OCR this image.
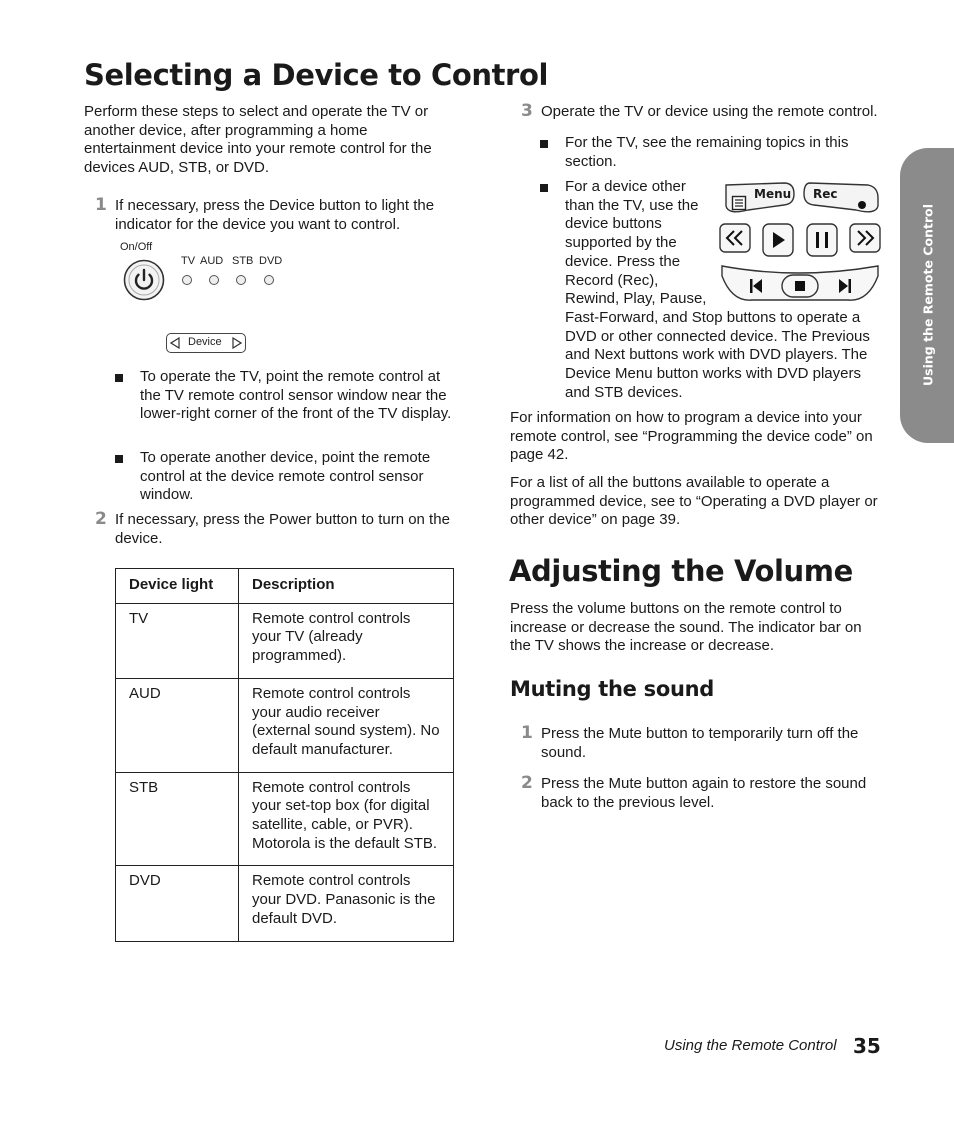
Selecting a Device to Control

Perform these steps to select and operate the TV or another device, after programming a home entertainment device into your remote control for the devices AUD, STB, or DVD.

1 If necessary, press the Device button to light the indicator for the device you want to control.

On/Off
TV AUD STB DVD
Device

To operate the TV, point the remote control at the TV remote control sensor window near the lower-right corner of the front of the TV display.

To operate another device, point the remote control at the device remote control sensor window.

2 If necessary, press the Power button to turn on the device.

Device light	Description
TV	Remote control controls your TV (already programmed).
AUD	Remote control controls your audio receiver (external sound system). No default manufacturer.
STB	Remote control controls your set-top box (for digital satellite, cable, or PVR). Motorola is the default STB.
DVD	Remote control controls your DVD. Panasonic is the default DVD.
3 Operate the TV or device using the remote control.

For the TV, see the remaining topics in this section.

For a device other
than the TV, use the
device buttons
supported by the
device. Press the
Record (Rec),
Rewind, Play, Pause,

Fast-Forward, and Stop buttons to operate a DVD or other connected device. The Previous and Next buttons work with DVD players. The Device Menu button works with DVD players and STB devices.

Menu Rec

For information on how to program a device into your remote control, see “Programming the device code” on page 42.

For a list of all the buttons available to operate a programmed device, see to “Operating a DVD player or other device” on page 39.

Adjusting the Volume

Press the volume buttons on the remote control to increase or decrease the sound. The indicator bar on the TV shows the increase or decrease.

Muting the sound
1 Press the Mute button to temporarily turn off the sound.

2 Press the Mute button again to restore the sound back to the previous level.

Using the Remote Control
Using the Remote Control 35
